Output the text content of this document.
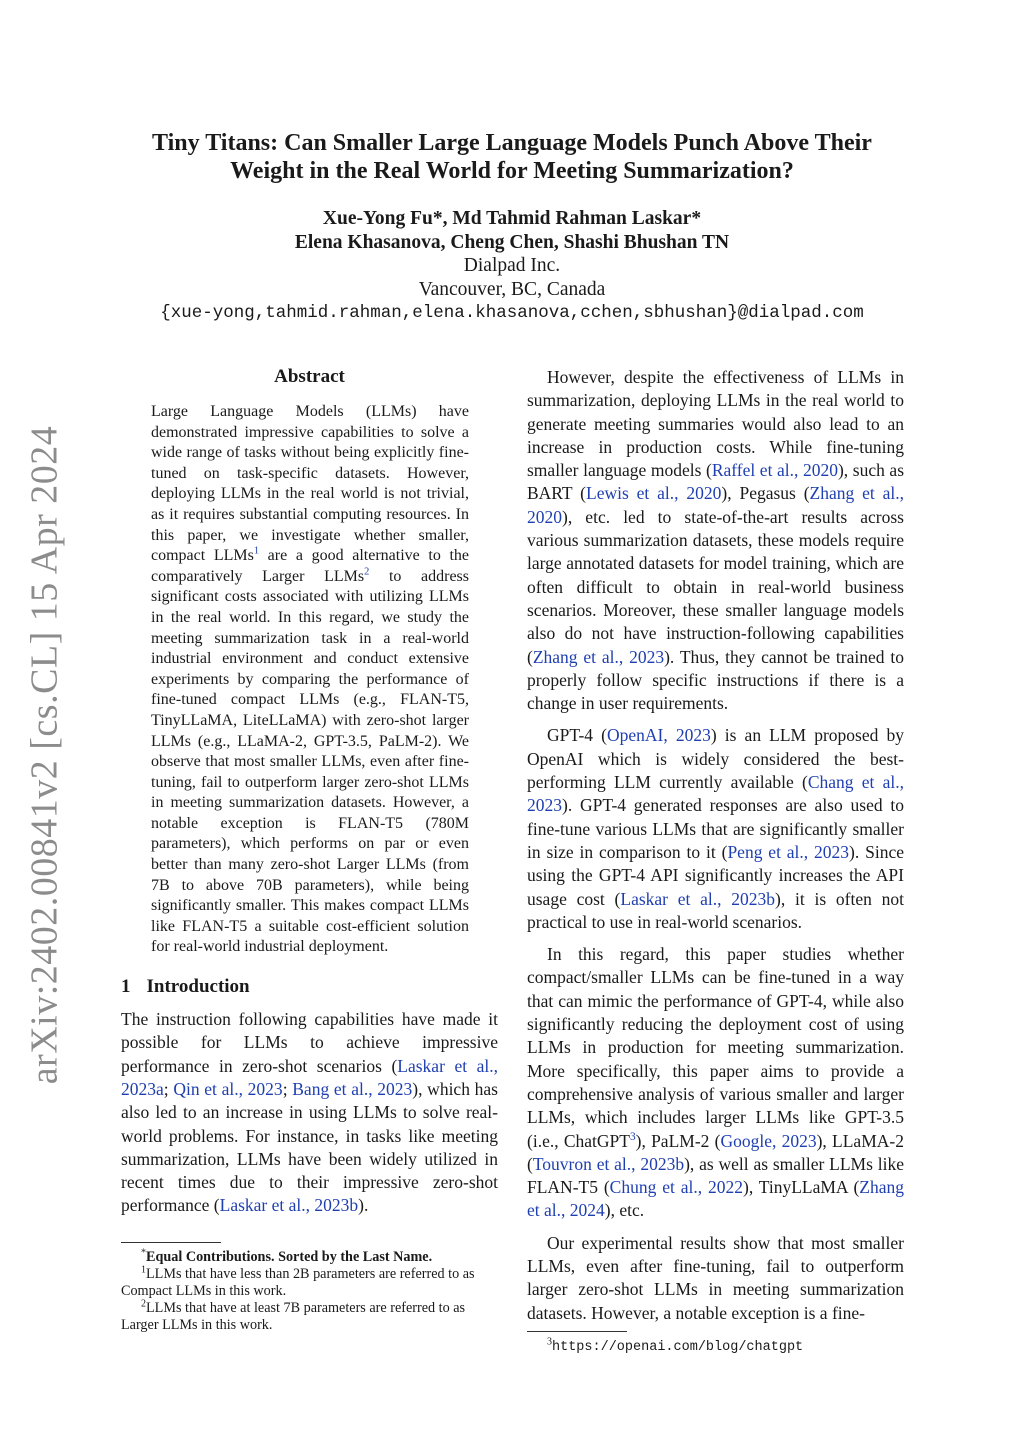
arXiv:2402.00841v2 [cs.CL] 15 Apr 2024
Tiny Titans: Can Smaller Large Language Models Punch Above Their
Weight in the Real World for Meeting Summarization?
Xue-Yong Fu*, Md Tahmid Rahman Laskar*
Elena Khasanova, Cheng Chen, Shashi Bhushan TN
Dialpad Inc.
Vancouver, BC, Canada
{xue-yong,tahmid.rahman,elena.khasanova,cchen,sbhushan}@dialpad.com
Abstract

Large Language Models (LLMs) have demonstrated impressive capabilities to solve a wide range of tasks without being explicitly fine-tuned on task-specific datasets. However, deploying LLMs in the real world is not trivial, as it requires substantial computing resources. In this paper, we investigate whether smaller, compact LLMs$^1$ are a good alternative to the comparatively Larger LLMs$^2$ to address significant costs associated with utilizing LLMs in the real world. In this regard, we study the meeting summarization task in a real-world industrial environment and conduct extensive experiments by comparing the performance of fine-tuned compact LLMs (e.g., FLAN-T5, TinyLLaMA, LiteLLaMA) with zero-shot larger LLMs (e.g., LLaMA-2, GPT-3.5, PaLM-2). We observe that most smaller LLMs, even after fine-tuning, fail to outperform larger zero-shot LLMs in meeting summarization datasets. However, a notable exception is FLAN-T5 (780M parameters), which performs on par or even better than many zero-shot Larger LLMs (from 7B to above 70B parameters), while being significantly smaller. This makes compact LLMs like FLAN-T5 a suitable cost-efficient solution for real-world industrial deployment.

1 Introduction

The instruction following capabilities have made it possible for LLMs to achieve impressive performance in zero-shot scenarios (Laskar et al., 2023a; Qin et al., 2023; Bang et al., 2023), which has also led to an increase in using LLMs to solve real-world problems. For instance, in tasks like meeting summarization, LLMs have been widely utilized in recent times due to their impressive zero-shot performance (Laskar et al., 2023b).

*Equal Contributions. Sorted by the Last Name.

$^1$LLMs that have less than 2B parameters are referred to as Compact LLMs in this work.

$^2$LLMs that have at least 7B parameters are referred to as Larger LLMs in this work.

However, despite the effectiveness of LLMs in summarization, deploying LLMs in the real world to generate meeting summaries would also lead to an increase in production costs. While fine-tuning smaller language models (Raffel et al., 2020), such as BART (Lewis et al., 2020), Pegasus (Zhang et al., 2020), etc. led to state-of-the-art results across various summarization datasets, these models require large annotated datasets for model training, which are often difficult to obtain in real-world business scenarios. Moreover, these smaller language models also do not have instruction-following capabilities (Zhang et al., 2023). Thus, they cannot be trained to properly follow specific instructions if there is a change in user requirements.

GPT-4 (OpenAI, 2023) is an LLM proposed by OpenAI which is widely considered the best-performing LLM currently available (Chang et al., 2023). GPT-4 generated responses are also used to fine-tune various LLMs that are significantly smaller in size in comparison to it (Peng et al., 2023). Since using the GPT-4 API significantly increases the API usage cost (Laskar et al., 2023b), it is often not practical to use in real-world scenarios.

In this regard, this paper studies whether compact/smaller LLMs can be fine-tuned in a way that can mimic the performance of GPT-4, while also significantly reducing the deployment cost of using LLMs in production for meeting summarization. More specifically, this paper aims to provide a comprehensive analysis of various smaller and larger LLMs, which includes larger LLMs like GPT-3.5 (i.e., ChatGPT$^3$), PaLM-2 (Google, 2023), LLaMA-2 (Touvron et al., 2023b), as well as smaller LLMs like FLAN-T5 (Chung et al., 2022), TinyLLaMA (Zhang et al., 2024), etc.

Our experimental results show that most smaller LLMs, even after fine-tuning, fail to outperform larger zero-shot LLMs in meeting summarization datasets. However, a notable exception is a fine-

$^3$https://openai.com/blog/chatgpt
